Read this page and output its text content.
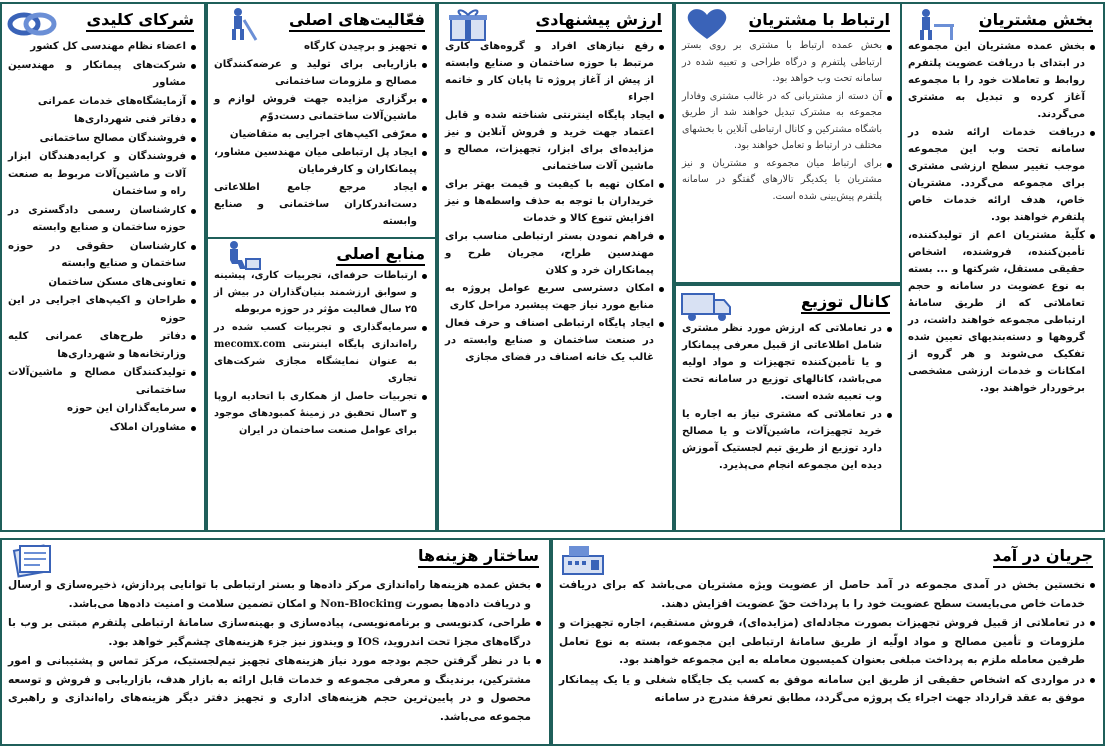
بخش مشتریان
بخش عمده مشتریان این مجموعه در ابتدای با دریافت عضویت پلتفرم روابط و تعاملات خود را با مجموعه آغاز کرده و تبدیل به مشتری می‌گردند.
دریافت خدمات ارائه شده در سامانه تحت وب این مجموعه موجب تغییر سطح ارزشی مشتری برای مجموعه می‌گردد. مشتریان خاص، هدف ارائه خدمات خاص پلتفرم خواهند بود.
کلّیهٔ مشتریان اعم از تولیدکننده، تأمین‌کننده، فروشنده، اشخاص حقیقی مستقل، شرکتها و ... بسته به نوع عضویت در سامانه و حجم تعاملاتی که از طریق سامانهٔ ارتباطی مجموعه خواهند داشت، در گروهها و دسته‌بندیهای تعیین شده تفکیک می‌شوند و هر گروه از امکانات و خدمات ارزشی مشخصی برخوردار خواهند بود.
ارتباط با مشتریان
بخش عمده ارتباط با مشتری بر روی بستر ارتباطی پلتفرم و درگاه طراحی و تعبیه شده در سامانه تحت وب خواهد بود.
آن دسته از مشتریانی که در غالب مشتری وفادار مجموعه به مشترک تبدیل خواهند شد از طریق باشگاه مشترکین و کانال ارتباطی آنلاین با بخشهای مختلف در ارتباط و تعامل خواهند بود.
برای ارتباط میان مجموعه و مشتریان و نیز مشتریان با یکدیگر تالارهای گفتگو در سامانه پلتفرم پیش‌بینی شده است.
کانال توزیع
در تعاملاتی که ارزش مورد نظر مشتری شامل اطلاعاتی از قبیل معرفی پیمانکار و یا تأمین‌کننده تجهیزات و مواد اولیه می‌باشد، کانالهای توزیع در سامانه تحت وب تعبیه شده است.
در تعاملاتی که مشتری نیاز به اجاره یا خرید تجهیزات، ماشین‌آلات و یا مصالح دارد توزیع از طریق تیم لجستیک آموزش دیده این مجموعه انجام می‌پذیرد.
ارزش پیشنهادی
رفع نیازهای افراد و گروه‌های کاری مرتبط با حوزه ساختمان و صنایع وابسته از پیش از آغاز پروژه تا پایان کار و خاتمه اجراء
ایجاد پایگاه اینترنتی شناخته شده و قابل اعتماد جهت خرید و فروش آنلاین و نیز مزایده‌ای برای ابزار، تجهیزات، مصالح و ماشین آلات ساختمانی
امکان تهیه با کیفیت و قیمت بهتر برای خریداران با توجه به حذف واسطه‌ها و نیز افزایش تنوع کالا و خدمات
فراهم نمودن بستر ارتباطی مناسب برای مهندسین طراح، مجریان طرح و پیمانکاران خرد و کلان
امکان دسترسی سریع عوامل پروژه به منابع مورد نیاز جهت پیشبرد مراحل کاری
ایجاد پایگاه ارتباطی اصناف و حرف فعال در صنعت ساختمان و صنایع وابسته در غالب یک خانه اصناف در فضای مجازی
فعّالیت‌های اصلی
تجهیز و برچیدن کارگاه
بازاریابی برای تولید و عرضه‌کنندگان مصالح و ملزومات ساختمانی
برگزاری مزایده جهت فروش لوازم و ماشین‌آلات ساختمانی دست‌دوّم
معرّفی اکیپ‌های اجرایی به متقاضیان
ایجاد پل ارتباطی میان مهندسین مشاور، پیمانکاران و کارفرمایان
ایجاد مرجع جامع اطلاعاتی دست‌اندرکاران ساختمانی و صنایع وابسته
منابع اصلی
ارتباطات حرفه‌ای، تجربیات کاری، پیشینه و سوابق ارزشمند بنیان‌گذاران در بیش از ۲۵ سال فعالیت مؤثر در حوزه مربوطه
سرمایه‌گذاری و تجربیات کسب شده در راه‌اندازی پایگاه اینترنتی mecomx.com به عنوان نمایشگاه مجازی شرکت‌های تجاری
تجربیات حاصل از همکاری با اتحادیه اروپا و ۳سال تحقیق در زمینهٔ کمبودهای موجود برای عوامل صنعت ساختمان در ایران
شرکای کلیدی
اعضاء نظام مهندسی کل کشور
شرکت‌های پیمانکار و مهندسین مشاور
آزمایشگاه‌های خدمات عمرانی
دفاتر فنی شهرداری‌ها
فروشندگان مصالح ساختمانی
فروشندگان و کرایه‌دهندگان ابزار آلات و ماشین‌آلات مربوط به صنعت راه و ساختمان
کارشناسان رسمی دادگستری در حوزه ساختمان و صنایع وابسته
کارشناسان حقوقی در حوزه ساختمان و صنایع وابسته
تعاونی‌های مسکن ساختمان
طراحان و اکیپ‌های اجرایی در این حوزه
دفاتر طرح‌های عمرانی کلیه وزارتخانه‌ها و شهرداری‌ها
تولیدکنندگان مصالح و ماشین‌آلات ساختمانی
سرمایه‌گذاران این حوزه
مشاوران املاک
جریان در آمد
نخستین بخش در آمدی مجموعه در آمد حاصل از عضویت ویژه مشتریان می‌باشد که برای دریافت خدمات خاص می‌بایست سطح عضویت خود را با پرداخت حقّ عضویت افزایش دهند.
در تعاملاتی از قبیل فروش تجهیزات بصورت مجادله‌ای (مزایده‌ای)، فروش مستقیم، اجاره تجهیزات و ملزومات و تأمین مصالح و مواد اولّیه از طریق سامانهٔ ارتباطی این مجموعه، بسته به نوع تعامل طرفین معامله ملزم به پرداخت مبلغی بعنوان کمیسیون معامله به این مجموعه خواهند بود.
در مواردی که اشخاص حقیقی از طریق این سامانه موفق به کسب یک جایگاه شغلی و یا یک پیمانکار موفق به عقد قرارداد جهت اجراء یک پروژه می‌گردد، مطابق تعرفهٔ مندرج در سامانه
ساختار هزینه‌ها
بخش عمده هزینه‌ها راه‌اندازی مرکز داده‌ها و بستر ارتباطی با توانایی پردازش، ذخیره‌سازی و ارسال و دریافت داده‌ها بصورت Non-Blocking و امکان تضمین سلامت و امنیت داده‌ها می‌باشد.
طراحی، کدنویسی و برنامه‌نویسی، پیاده‌سازی و بهینه‌سازی سامانهٔ ارتباطی پلتفرم مبتنی بر وب با درگاه‌های مجزا تحت اندروید، IOS و ویندوز نیز جزء هزینه‌های چشم‌گیر خواهد بود.
با در نظر گرفتن حجم بودجه مورد نیاز هزینه‌های تجهیز تیم‌لجستیک، مرکز تماس و پشتیبانی و امور مشترکین، برندینگ و معرفی مجموعه و خدمات قابل ارائه به بازار هدف، بازاریابی و فروش و توسعه محصول و در پایین‌ترین حجم هزینه‌های اداری و تجهیز دفتر دیگر هزینه‌های راه‌اندازی و راهبری مجموعه می‌باشد.
